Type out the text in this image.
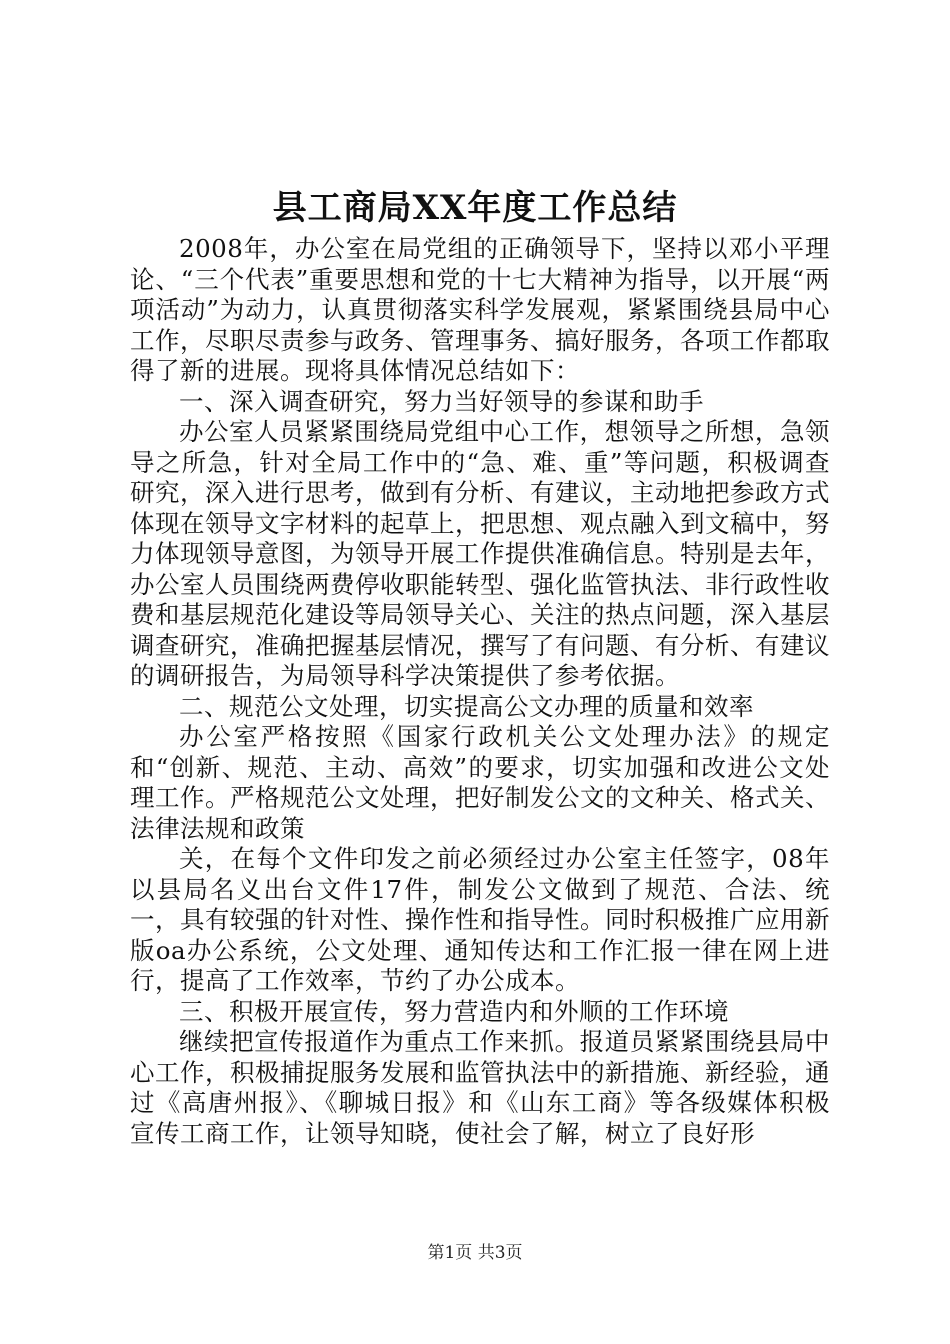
县工商局XX年度工作总结

2008年，办公室在局党组的正确领导下，坚持以邓小平理论、“三个代表”重要思想和党的十七大精神为指导，以开展“两项活动”为动力，认真贯彻落实科学发展观，紧紧围绕县局中心工作，尽职尽责参与政务、管理事务、搞好服务，各项工作都取得了新的进展。现将具体情况总结如下：

一、深入调查研究，努力当好领导的参谋和助手

办公室人员紧紧围绕局党组中心工作，想领导之所想，急领导之所急，针对全局工作中的“急、难、重”等问题，积极调查研究，深入进行思考，做到有分析、有建议，主动地把参政方式体现在领导文字材料的起草上，把思想、观点融入到文稿中，努力体现领导意图，为领导开展工作提供准确信息。特别是去年，办公室人员围绕两费停收职能转型、强化监管执法、非行政性收费和基层规范化建设等局领导关心、关注的热点问题，深入基层调查研究，准确把握基层情况，撰写了有问题、有分析、有建议的调研报告，为局领导科学决策提供了参考依据。

二、规范公文处理，切实提高公文办理的质量和效率

办公室严格按照《国家行政机关公文处理办法》的规定和“创新、规范、主动、高效”的要求，切实加强和改进公文处理工作。严格规范公文处理，把好制发公文的文种关、格式关、法律法规和政策

关，在每个文件印发之前必须经过办公室主任签字，08年以县局名义出台文件17件，制发公文做到了规范、合法、统一，具有较强的针对性、操作性和指导性。同时积极推广应用新版oa办公系统，公文处理、通知传达和工作汇报一律在网上进行，提高了工作效率，节约了办公成本。

三、积极开展宣传，努力营造内和外顺的工作环境

继续把宣传报道作为重点工作来抓。报道员紧紧围绕县局中心工作，积极捕捉服务发展和监管执法中的新措施、新经验，通过《高唐州报》、《聊城日报》和《山东工商》等各级媒体积极宣传工商工作，让领导知晓，使社会了解，树立了良好形

第1页 共3页
